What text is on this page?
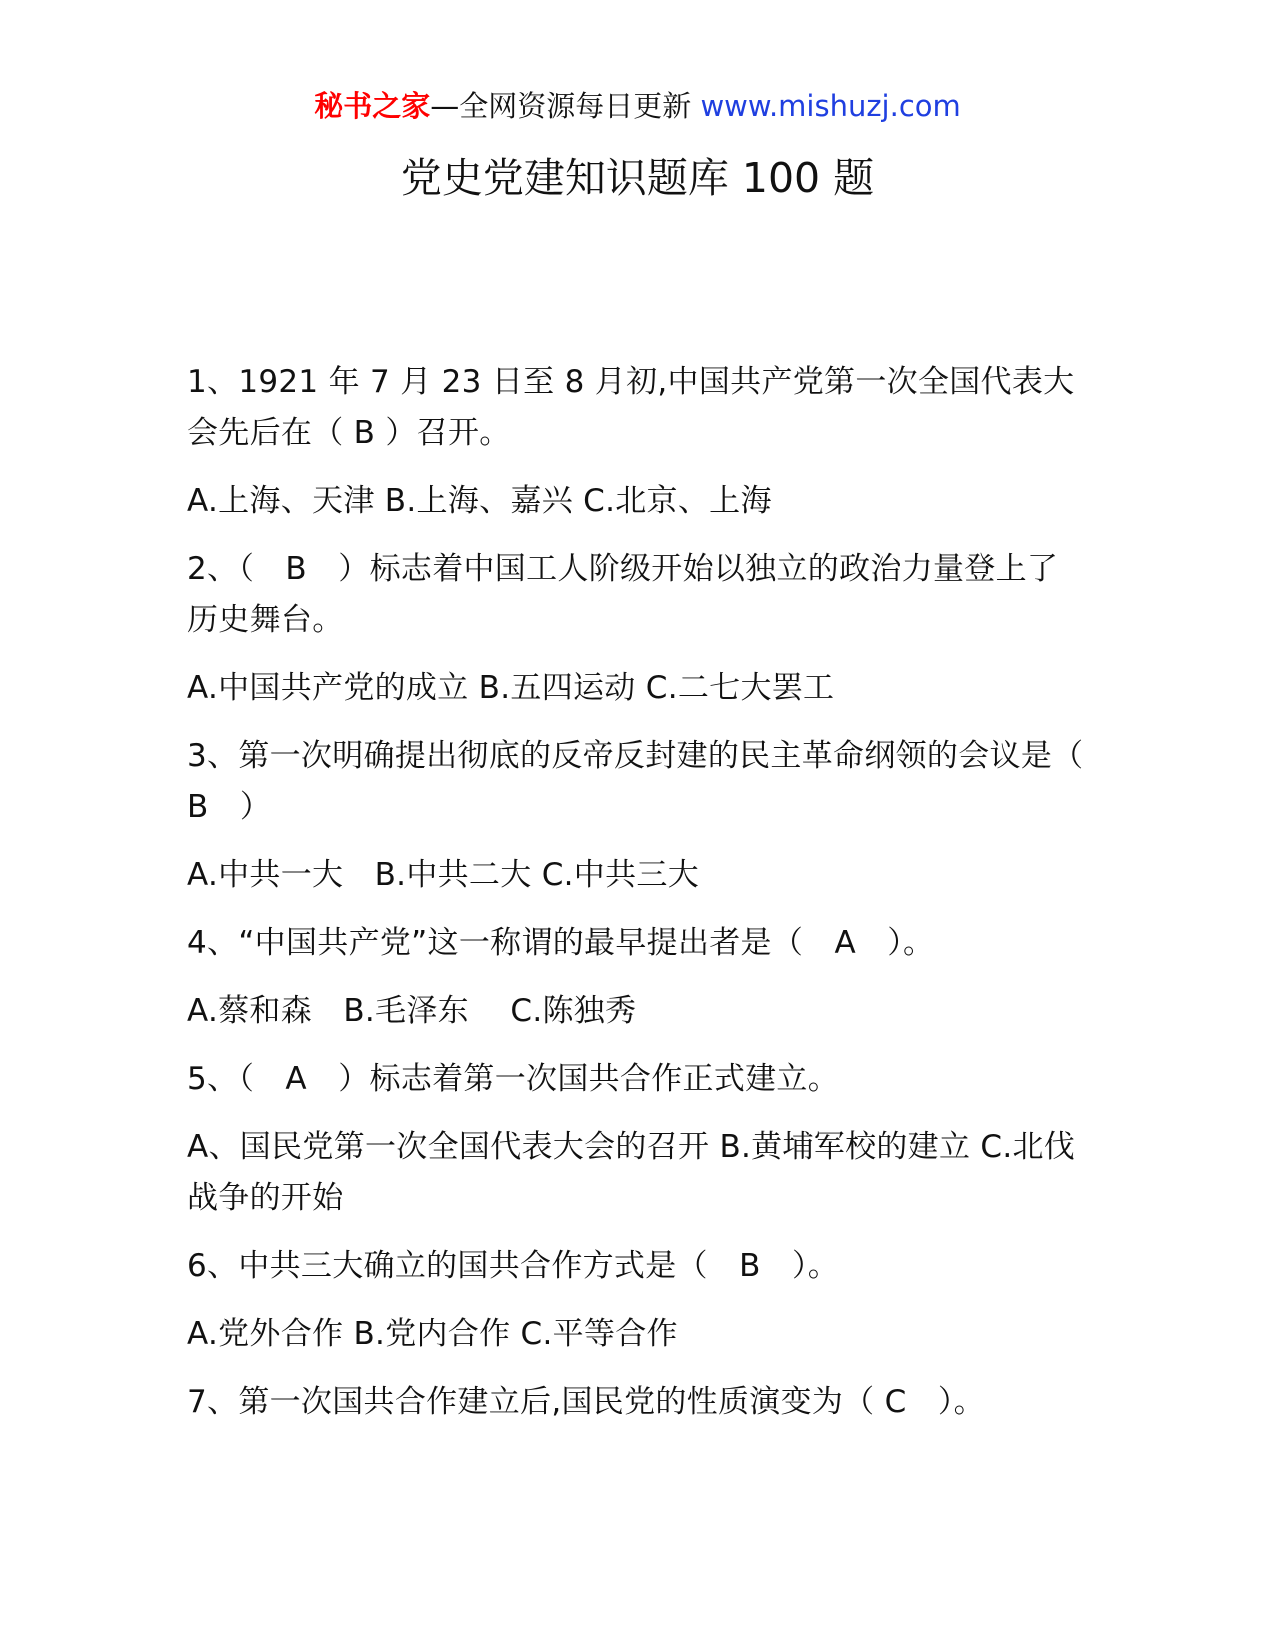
秘书之家—全网资源每日更新 www.mishuzj.com
党史党建知识题库 100 题

1、1921 年 7 月 23 日至 8 月初,中国共产党第一次全国代表大会先后在（ B ）召开。

A.上海、天津 B.上海、嘉兴 C.北京、上海

2、（　B　）标志着中国工人阶级开始以独立的政治力量登上了历史舞台。

A.中国共产党的成立 B.五四运动 C.二七大罢工

3、第一次明确提出彻底的反帝反封建的民主革命纲领的会议是（　B　）

A.中共一大　B.中共二大 C.中共三大

4、“中国共产党”这一称谓的最早提出者是（　A　）。

A.蔡和森　B.毛泽东　 C.陈独秀

5、（　A　）标志着第一次国共合作正式建立。

A、国民党第一次全国代表大会的召开 B.黄埔军校的建立 C.北伐战争的开始

6、中共三大确立的国共合作方式是（　B　）。

A.党外合作 B.党内合作 C.平等合作

7、第一次国共合作建立后,国民党的性质演变为（ C　）。
